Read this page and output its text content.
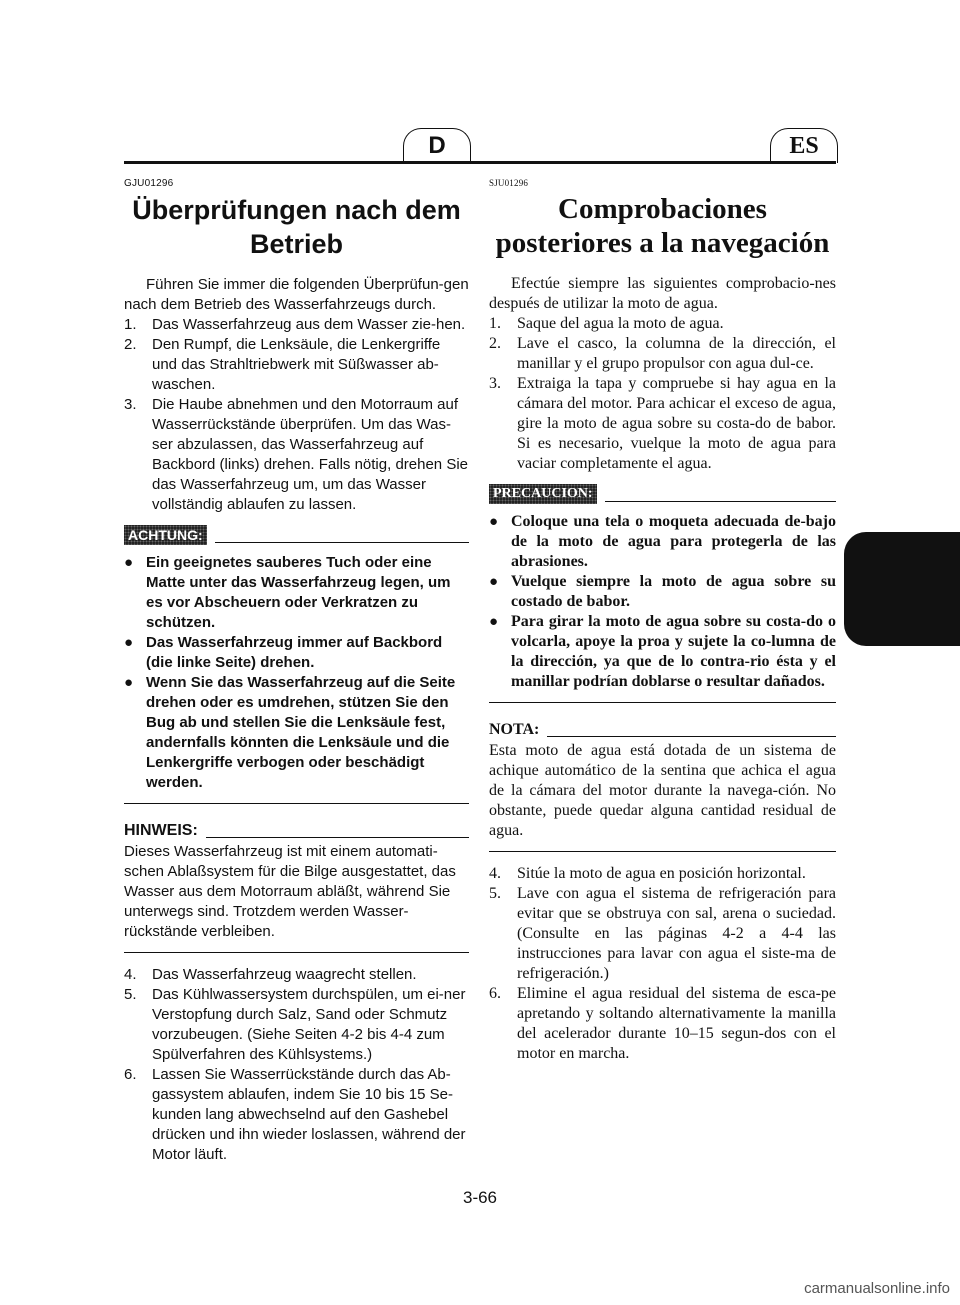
D	ES

GJU01296

Überprüfungen nach dem Betrieb

Führen Sie immer die folgenden Überprüfun-gen nach dem Betrieb des Wasserfahrzeugs durch.

1.	Das Wasserfahrzeug aus dem Wasser zie-hen.
2.	Den Rumpf, die Lenksäule, die Lenkergriffe und das Strahltriebwerk mit Süßwasser ab-waschen.
3.	Die Haube abnehmen und den Motorraum auf Wasserrückstände überprüfen. Um das Was-ser abzulassen, das Wasserfahrzeug auf Backbord (links) drehen. Falls nötig, drehen Sie das Wasserfahrzeug um, um das Wasser vollständig ablaufen zu lassen.
ACHTUNG:
● Ein geeignetes sauberes Tuch oder eine Matte unter das Wasserfahrzeug legen, um es vor Abscheuern oder Verkratzen zu schützen.
● Das Wasserfahrzeug immer auf Backbord (die linke Seite) drehen.
● Wenn Sie das Wasserfahrzeug auf die Seite drehen oder es umdrehen, stützen Sie den Bug ab und stellen Sie die Lenksäule fest, andernfalls könnten die Lenksäule und die Lenkergriffe verbogen oder beschädigt werden.
HINWEIS:

Dieses Wasserfahrzeug ist mit einem automati-schen Ablaßsystem für die Bilge ausgestattet, das Wasser aus dem Motorraum abläßt, während Sie unterwegs sind. Trotzdem werden Wasser-rückstände verbleiben.

4.	Das Wasserfahrzeug waagrecht stellen.
5.	Das Kühlwassersystem durchspülen, um ei-ner Verstopfung durch Salz, Sand oder Schmutz vorzubeugen. (Siehe Seiten 4-2 bis 4-4 zum Spülverfahren des Kühlsystems.)
6.	Lassen Sie Wasserrückstände durch das Ab-gassystem ablaufen, indem Sie 10 bis 15 Se-kunden lang abwechselnd auf den Gashebel drücken und ihn wieder loslassen, während der Motor läuft.

SJU01296

Comprobaciones posteriores a la navegación

Efectúe siempre las siguientes comprobacio-nes después de utilizar la moto de agua.

1.	Saque del agua la moto de agua.
2.	Lave el casco, la columna de la dirección, el manillar y el grupo propulsor con agua dul-ce.
3.	Extraiga la tapa y compruebe si hay agua en la cámara del motor. Para achicar el exceso de agua, gire la moto de agua sobre su costa-do de babor. Si es necesario, vuelque la moto de agua para vaciar completamente el agua.
PRECAUCION:
● Coloque una tela o moqueta adecuada de-bajo de la moto de agua para protegerla de las abrasiones.
● Vuelque siempre la moto de agua sobre su costado de babor.
● Para girar la moto de agua sobre su costa-do o volcarla, apoye la proa y sujete la co-lumna de la dirección, ya que de lo contra-rio ésta y el manillar podrían doblarse o resultar dañados.
NOTA:

Esta moto de agua está dotada de un sistema de achique automático de la sentina que achica el agua de la cámara del motor durante la navega-ción. No obstante, puede quedar alguna cantidad residual de agua.

4.	Sitúe la moto de agua en posición horizontal.
5.	Lave con agua el sistema de refrigeración para evitar que se obstruya con sal, arena o suciedad. (Consulte en las páginas 4-2 a 4-4 las instrucciones para lavar con agua el siste-ma de refrigeración.)
6.	Elimine el agua residual del sistema de esca-pe apretando y soltando alternativamente la manilla del acelerador durante 10–15 segun-dos con el motor en marcha.
3-66
carmanualsonline.info
